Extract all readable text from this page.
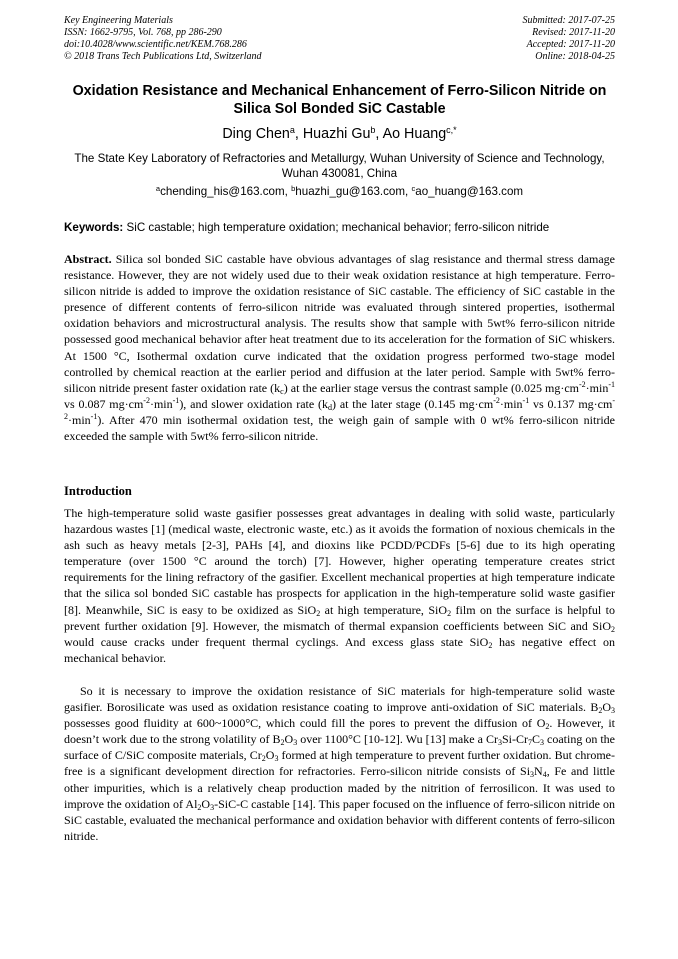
Key Engineering Materials
ISSN: 1662-9795, Vol. 768, pp 286-290
doi:10.4028/www.scientific.net/KEM.768.286
© 2018 Trans Tech Publications Ltd, Switzerland
Submitted: 2017-07-25
Revised: 2017-11-20
Accepted: 2017-11-20
Online: 2018-04-25
Oxidation Resistance and Mechanical Enhancement of Ferro-Silicon Nitride on Silica Sol Bonded SiC Castable
Ding Chen$^a$, Huazhi Gu$^b$, Ao Huang$^{c,*}$
The State Key Laboratory of Refractories and Metallurgy, Wuhan University of Science and Technology, Wuhan 430081, China
$^a$chending_his@163.com, $^b$huazhi_gu@163.com, $^c$ao_huang@163.com
Keywords: SiC castable; high temperature oxidation; mechanical behavior; ferro-silicon nitride
Abstract. Silica sol bonded SiC castable have obvious advantages of slag resistance and thermal stress damage resistance. However, they are not widely used due to their weak oxidation resistance at high temperature. Ferro-silicon nitride is added to improve the oxidation resistance of SiC castable. The efficiency of SiC castable in the presence of different contents of ferro-silicon nitride was evaluated through sintered properties, isothermal oxidation behaviors and microstructural analysis. The results show that sample with 5wt% ferro-silicon nitride possessed good mechanical behavior after heat treatment due to its acceleration for the formation of SiC whiskers. At 1500 °C, Isothermal oxdation curve indicated that the oxidation progress performed two-stage model controlled by chemical reaction at the earlier period and diffusion at the later period. Sample with 5wt% ferro-silicon nitride present faster oxidation rate $(k_c)$ at the earlier stage versus the contrast sample (0.025 $mg\cdot cm^{-2}\cdot\min^{-1}$ vs 0.087 $mg\cdot cm^{-2}\cdot\min^{-1}$), and slower oxidation rate $(k_d)$ at the later stage (0.145 $mg\cdot cm^{-2}\cdot\min^{-1}$ vs 0.137 $mg\cdot cm^{-2}\cdot\min^{-1}$). After 470 min isothermal oxidation test, the weigh gain of sample with 0 wt% ferro-silicon nitride exceeded the sample with 5wt% ferro-silicon nitride.
Introduction
The high-temperature solid waste gasifier possesses great advantages in dealing with solid waste, particularly hazardous wastes [1] (medical waste, electronic waste, etc.) as it avoids the formation of noxious chemicals in the ash such as heavy metals [2-3], PAHs [4], and dioxins like PCDD/PCDFs [5-6] due to its high operating temperature (over 1500 °C around the torch) [7]. However, higher operating temperature creates strict requirements for the lining refractory of the gasifier. Excellent mechanical properties at high temperature indicate that the silica sol bonded SiC castable has prospects for application in the high-temperature solid waste gasifier [8]. Meanwhile, SiC is easy to be oxidized as SiO$_2$ at high temperature, SiO$_2$ film on the surface is helpful to prevent further oxidation [9]. However, the mismatch of thermal expansion coefficients between SiC and SiO$_2$ would cause cracks under frequent thermal cyclings. And excess glass state SiO$_2$ has negative effect on mechanical behavior.
So it is necessary to improve the oxidation resistance of SiC materials for high-temperature solid waste gasifier. Borosilicate was used as oxidation resistance coating to improve anti-oxidation of SiC materials. $B_2O_3$ possesses good fluidity at 600~1000°C, which could fill the pores to prevent the diffusion of $O_2$. However, it doesn’t work due to the strong volatility of $B_2O_3$ over 1100°C [10-12]. Wu [13] make a $Cr_3Si-Cr_7C_3$ coating on the surface of C/SiC composite materials, $Cr_2O_3$ formed at high temperature to prevent further oxidation. But chrome-free is a significant development direction for refractories. Ferro-silicon nitride consists of $Si_3N_4$, Fe and little other impurities, which is a relatively cheap production maded by the nitrition of ferrosilicon. It was used to improve the oxidation of $Al_2O_3-SiC-C$ castable [14]. This paper focused on the influence of ferro-silicon nitride on SiC castable, evaluated the mechanical performance and oxidation behavior with different contents of ferro-silicon nitride.
